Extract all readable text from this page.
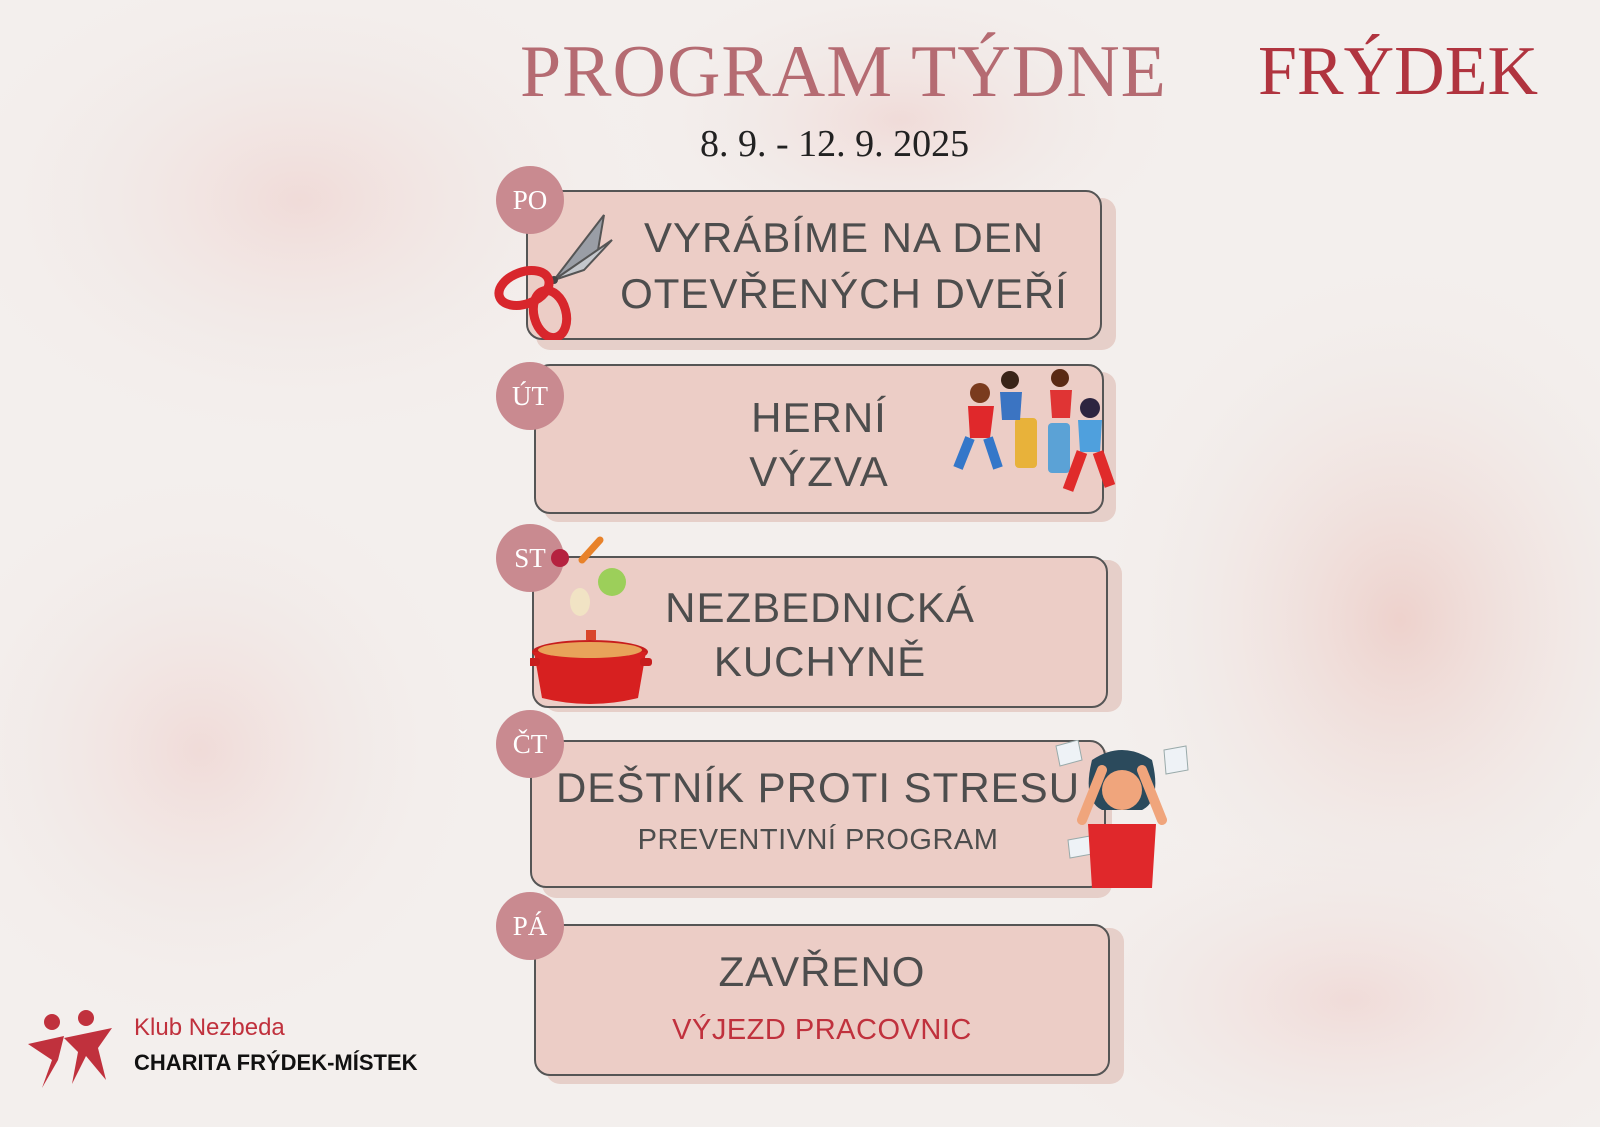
PROGRAM TÝDNE FRÝDEK
8. 9. - 12. 9. 2025
VYRÁBÍME NA DEN
OTEVŘENÝCH DVEŘÍ
PO
HERNÍ
VÝZVA
ÚT
NEZBEDNICKÁ
KUCHYNĚ
ST
DEŠTNÍK PROTI STRESU
PREVENTIVNÍ PROGRAM
ČT
ZAVŘENO
VÝJEZD PRACOVNIC
PÁ
Klub Nezbeda
CHARITA FRÝDEK-MÍSTEK
